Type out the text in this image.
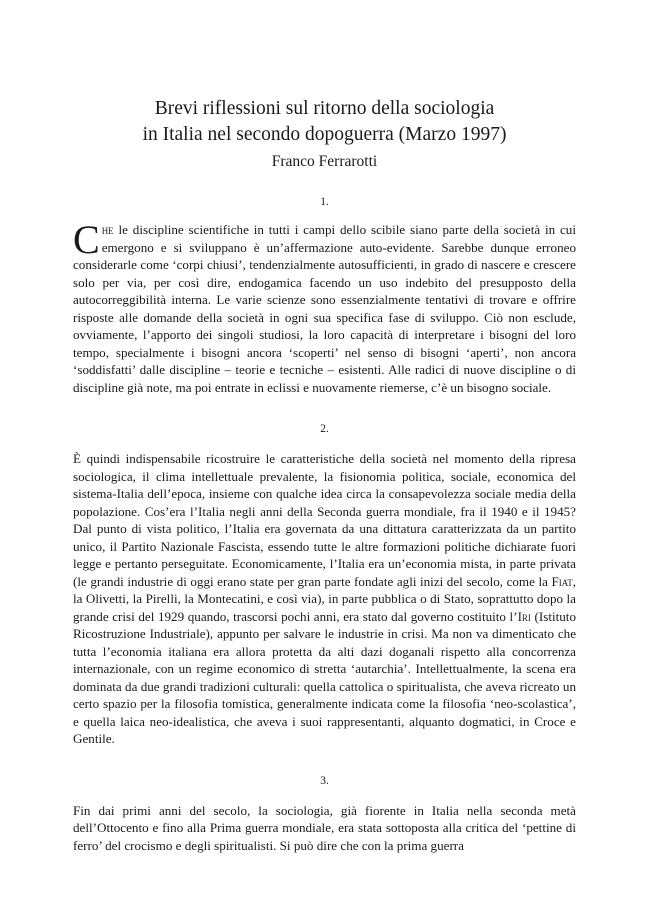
Brevi riflessioni sul ritorno della sociologia
in Italia nel secondo dopoguerra (Marzo 1997)
Franco Ferrarotti
1.

Che le discipline scientifiche in tutti i campi dello scibile siano parte della società in cui emergono e si sviluppano è un’affermazione auto-evidente. Sarebbe dunque erroneo considerarle come ‘corpi chiusi’, tendenzialmente autosufficienti, in grado di nascere e crescere solo per via, per così dire, endogamica facendo un uso indebito del presupposto della autocorreggibilità interna. Le varie scienze sono essenzialmente tentativi di trovare e offrire risposte alle domande della società in ogni sua specifica fase di sviluppo. Ciò non esclude, ovviamente, l’apporto dei singoli studiosi, la loro capacità di interpretare i bisogni del loro tempo, specialmente i bisogni ancora ‘scoperti’ nel senso di bisogni ‘aperti’, non ancora ‘soddisfatti’ dalle discipline – teorie e tecniche – esistenti. Alle radici di nuove discipline o di discipline già note, ma poi entrate in eclissi e nuovamente riemerse, c’è un bisogno sociale.

2.

È quindi indispensabile ricostruire le caratteristiche della società nel momento della ripresa sociologica, il clima intellettuale prevalente, la fisionomia politica, sociale, economica del sistema-Italia dell’epoca, insieme con qualche idea circa la consapevolezza sociale media della popolazione. Cos’era l’Italia negli anni della Seconda guerra mondiale, fra il 1940 e il 1945? Dal punto di vista politico, l’Italia era governata da una dittatura caratterizzata da un partito unico, il Partito Nazionale Fascista, essendo tutte le altre formazioni politiche dichiarate fuori legge e pertanto perseguitate. Economicamente, l’Italia era un’economia mista, in parte privata (le grandi industrie di oggi erano state per gran parte fondate agli inizi del secolo, come la Fiat, la Olivetti, la Pirelli, la Montecatini, e così via), in parte pubblica o di Stato, soprattutto dopo la grande crisi del 1929 quando, trascorsi pochi anni, era stato dal governo costituito l’Iri (Istituto Ricostruzione Industriale), appunto per salvare le industrie in crisi. Ma non va dimenticato che tutta l’economia italiana era allora protetta da alti dazi doganali rispetto alla concorrenza internazionale, con un regime economico di stretta ‘autarchia’. Intellettualmente, la scena era dominata da due grandi tradizioni culturali: quella cattolica o spiritualista, che aveva ricreato un certo spazio per la filosofia tomistica, generalmente indicata come la filosofia ‘neo-scolastica’, e quella laica neo-idealistica, che aveva i suoi rappresentanti, alquanto dogmatici, in Croce e Gentile.

3.

Fin dai primi anni del secolo, la sociologia, già fiorente in Italia nella seconda metà dell’Ottocento e fino alla Prima guerra mondiale, era stata sottoposta alla critica del ‘pettine di ferro’ del crocismo e degli spiritualisti. Si può dire che con la prima guerra
